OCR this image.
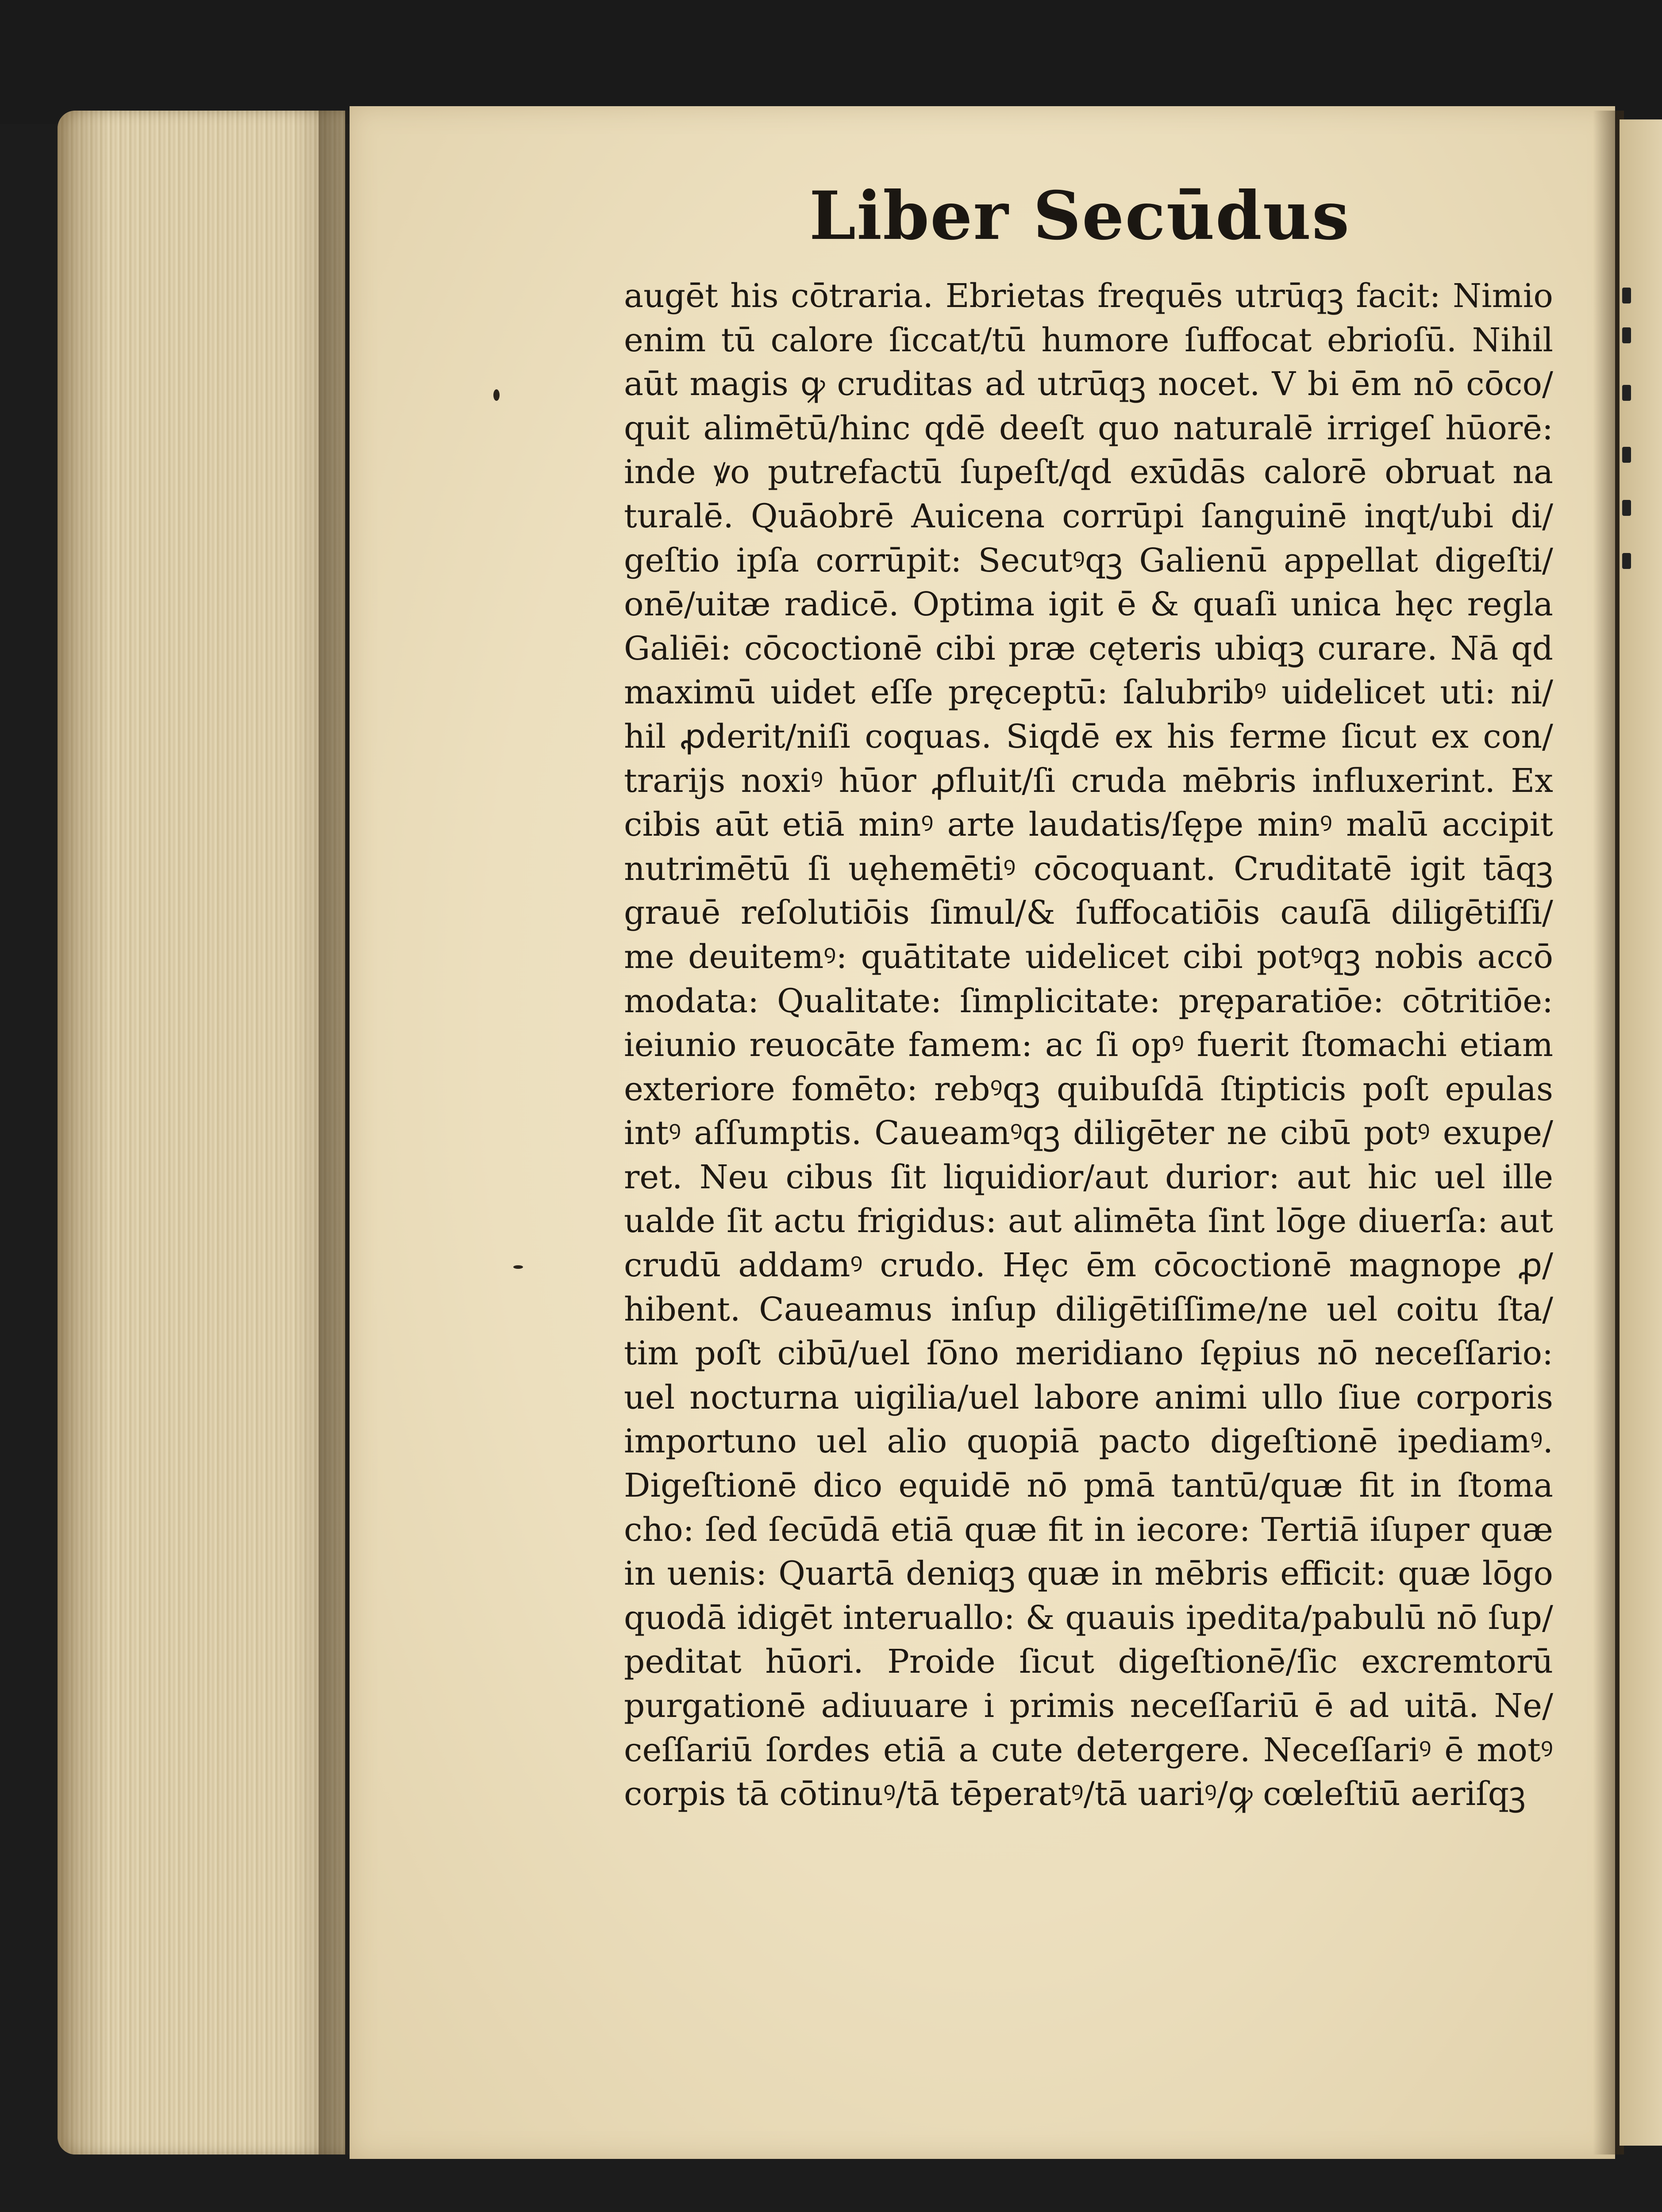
Liber Secūdus
augēt his cōtraria. Ebrietas frequēs utrūqꝫ facit: Nimio
enim tū calore ſiccat/tū humore ſuffocat ebrioſū. Nihil
aūt magis ꝙ cruditas ad utrūqꝫ nocet. V bi ēm nō cōco/
quit alimētū/hinc qdē deeſt quo naturalē irrigeſ hūorē:
inde ꝟo putrefactū ſupeſt/qd exūdās calorē obruat na
turalē. Quāobrē Auicena corrūpi ſanguinē inqt/ubi di/
geſtio ipſa corrūpit: Secutꝰqꝫ Galienū appellat digeſti/
onē/uitæ radicē. Optima igit ē & quaſi unica hęc regla
Galiēi: cōcoctionē cibi præ cęteris ubiqꝫ curare. Nā qd
maximū uidet eſſe pręceptū: ſalubribꝰ uidelicet uti: ni/
hil ꝓderit/niſi coquas. Siqdē ex his ferme ſicut ex con/
trarijs noxiꝰ hūor ꝓfluit/ſi cruda mēbris influxerint. Ex
cibis aūt etiā minꝰ arte laudatis/ſępe minꝰ malū accipit
nutrimētū ſi uęhemētiꝰ cōcoquant. Cruditatē igit tāqꝫ
grauē reſolutiōis ſimul/& ſuffocatiōis cauſā diligētiſſi/
me deuitemꝰ: quātitate uidelicet cibi potꝰqꝫ nobis accō
modata: Qualitate: ſimplicitate: pręparatiōe: cōtritiōe:
ieiunio reuocāte famem: ac ſi opꝰ fuerit ſtomachi etiam
exteriore fomēto: rebꝰqꝫ quibuſdā ſtipticis poſt epulas
intꝰ aſſumptis. Caueamꝰqꝫ diligēter ne cibū potꝰ exupe/
ret. Neu cibus ſit liquidior/aut durior: aut hic uel ille
ualde ſit actu frigidus: aut alimēta ſint lōge diuerſa: aut
crudū addamꝰ crudo. Hęc ēm cōcoctionē magnope ꝓ/
hibent. Caueamus inſup diligētiſſime/ne uel coitu ſta/
tim poſt cibū/uel ſōno meridiano ſępius nō neceſſario:
uel nocturna uigilia/uel labore animi ullo ſiue corporis
importuno uel alio quopiā pacto digeſtionē ipediamꝰ.
Digeſtionē dico equidē nō pmā tantū/quæ fit in ſtoma
cho: ſed ſecūdā etiā quæ fit in iecore: Tertiā iſuper quæ
in uenis: Quartā deniqꝫ quæ in mēbris efficit: quæ lōgo
quodā idigēt interuallo: & quauis ipedita/pabulū nō ſup/
peditat hūori. Proide ſicut digeſtionē/ſic excremtorū
purgationē adiuuare i primis neceſſariū ē ad uitā. Ne/
ceſſariū ſordes etiā a cute detergere. Neceſſariꝰ ē motꝰ
corpis tā cōtinuꝰ/tā tēperatꝰ/tā uariꝰ/ꝙ cœleſtiū aeriſqꝫ
